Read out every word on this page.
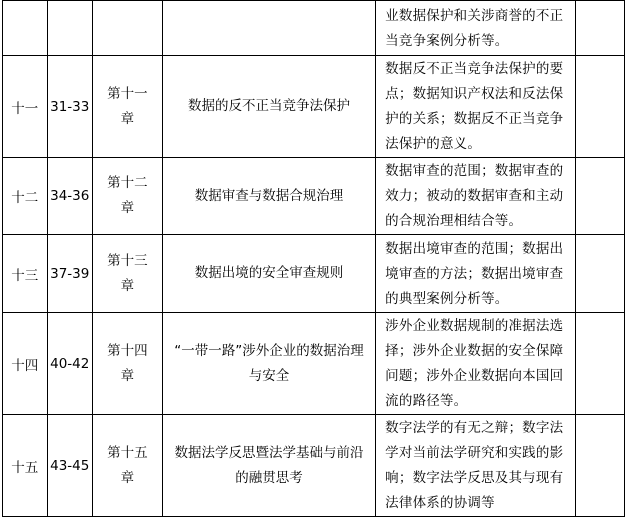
				业数据保护和关涉商誉的不正当竞争案例分析等。	

十一	31-33	第十一章	数据的反不正当竞争法保护	数据反不正当竞争法保护的要点；数据知识产权法和反法保护的关系；数据反不正当竞争法保护的意义。	

十二	34-36	第十二章	数据审查与数据合规治理	数据审查的范围；数据审查的效力；被动的数据审查和主动的合规治理相结合等。	

十三	37-39	第十三章	数据出境的安全审查规则	数据出境审查的范围；数据出境审查的方法；数据出境审查的典型案例分析等。	

十四	40-42	第十四章	“一带一路”涉外企业的数据治理与安全	涉外企业数据规制的准据法选择；涉外企业数据的安全保障问题；涉外企业数据向本国回流的路径等。	

十五	43-45	第十五章	数据法学反思暨法学基础与前沿的融贯思考	数字法学的有无之辩；数字法学对当前法学研究和实践的影响；数字法学反思及其与现有法律体系的协调等	
